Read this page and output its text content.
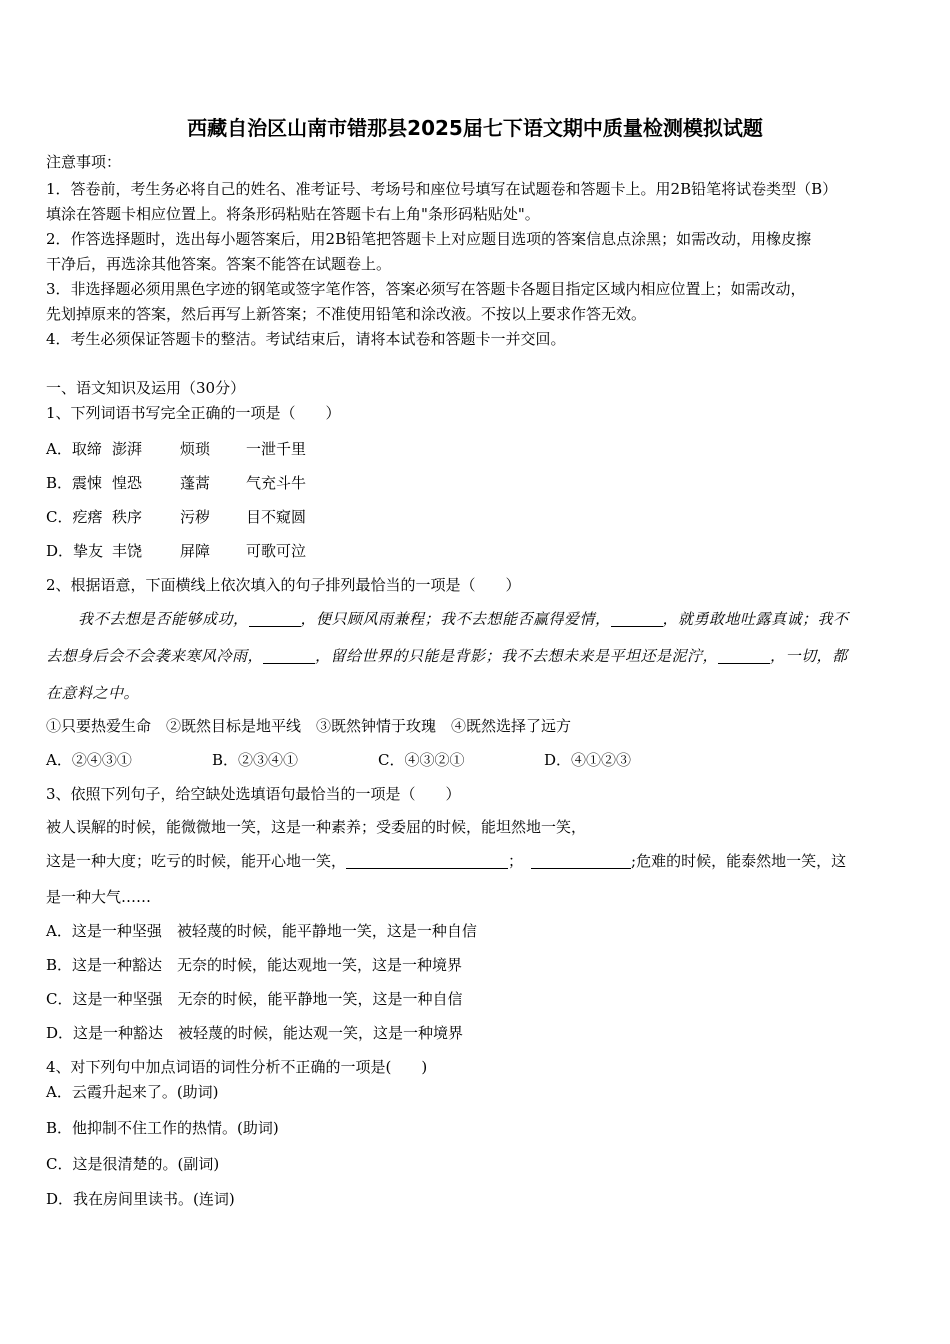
西藏自治区山南市错那县2025届七下语文期中质量检测模拟试题
注意事项：
1．答卷前，考生务必将自己的姓名、准考证号、考场号和座位号填写在试题卷和答题卡上。用2B铅笔将试卷类型（B）
填涂在答题卡相应位置上。将条形码粘贴在答题卡右上角"条形码粘贴处"。
2．作答选择题时，选出每小题答案后，用2B铅笔把答题卡上对应题目选项的答案信息点涂黑；如需改动，用橡皮擦
干净后，再选涂其他答案。答案不能答在试题卷上。
3．非选择题必须用黑色字迹的钢笔或签字笔作答，答案必须写在答题卡各题目指定区域内相应位置上；如需改动，
先划掉原来的答案，然后再写上新答案；不准使用铅笔和涂改液。不按以上要求作答无效。
4．考生必须保证答题卡的整洁。考试结束后，请将本试卷和答题卡一并交回。
一、语文知识及运用（30分）
1、下列词语书写完全正确的一项是（　　）
A．取缔 澎湃	烦琐 一泄千里
B．震悚 惶恐	蓬蒿 气充斗牛
C．疙瘩 秩序	污秽 目不窥圆
D．挚友 丰饶	屏障 可歌可泣
2、根据语意，下面横线上依次填入的句子排列最恰当的一项是（　　）
我不去想是否能够成功，	，便只顾风雨兼程；我不去想能否赢得爱情，	，就勇敢地吐露真诚；我不
去想身后会不会袭来寒风冷雨，	，留给世界的只能是背影；我不去想未来是平坦还是泥泞，	，一切，都
在意料之中。
①只要热爱生命　②既然目标是地平线　③既然钟情于玫瑰　④既然选择了远方
A．②④③①	B．②③④①	C．④③②①	D．④①②③
3、依照下列句子，给空缺处选填语句最恰当的一项是（　　）
被人误解的时候，能微微地一笑，这是一种素养；受委屈的时候，能坦然地一笑，
这是一种大度；吃亏的时候，能开心地一笑，	；	;危难的时候，能泰然地一笑，这
是一种大气……
A．这是一种坚强　被轻蔑的时候，能平静地一笑，这是一种自信
B．这是一种豁达　无奈的时候，能达观地一笑，这是一种境界
C．这是一种坚强　无奈的时候，能平静地一笑，这是一种自信
D．这是一种豁达　被轻蔑的时候，能达观一笑，这是一种境界
4、对下列句中加点词语的词性分析不正确的一项是(　　)
A．云霞升起来了。(助词)
B．他抑制不住工作的热情。(助词)
C．这是很清楚的。(副词)
D．我在房间里读书。(连词)
